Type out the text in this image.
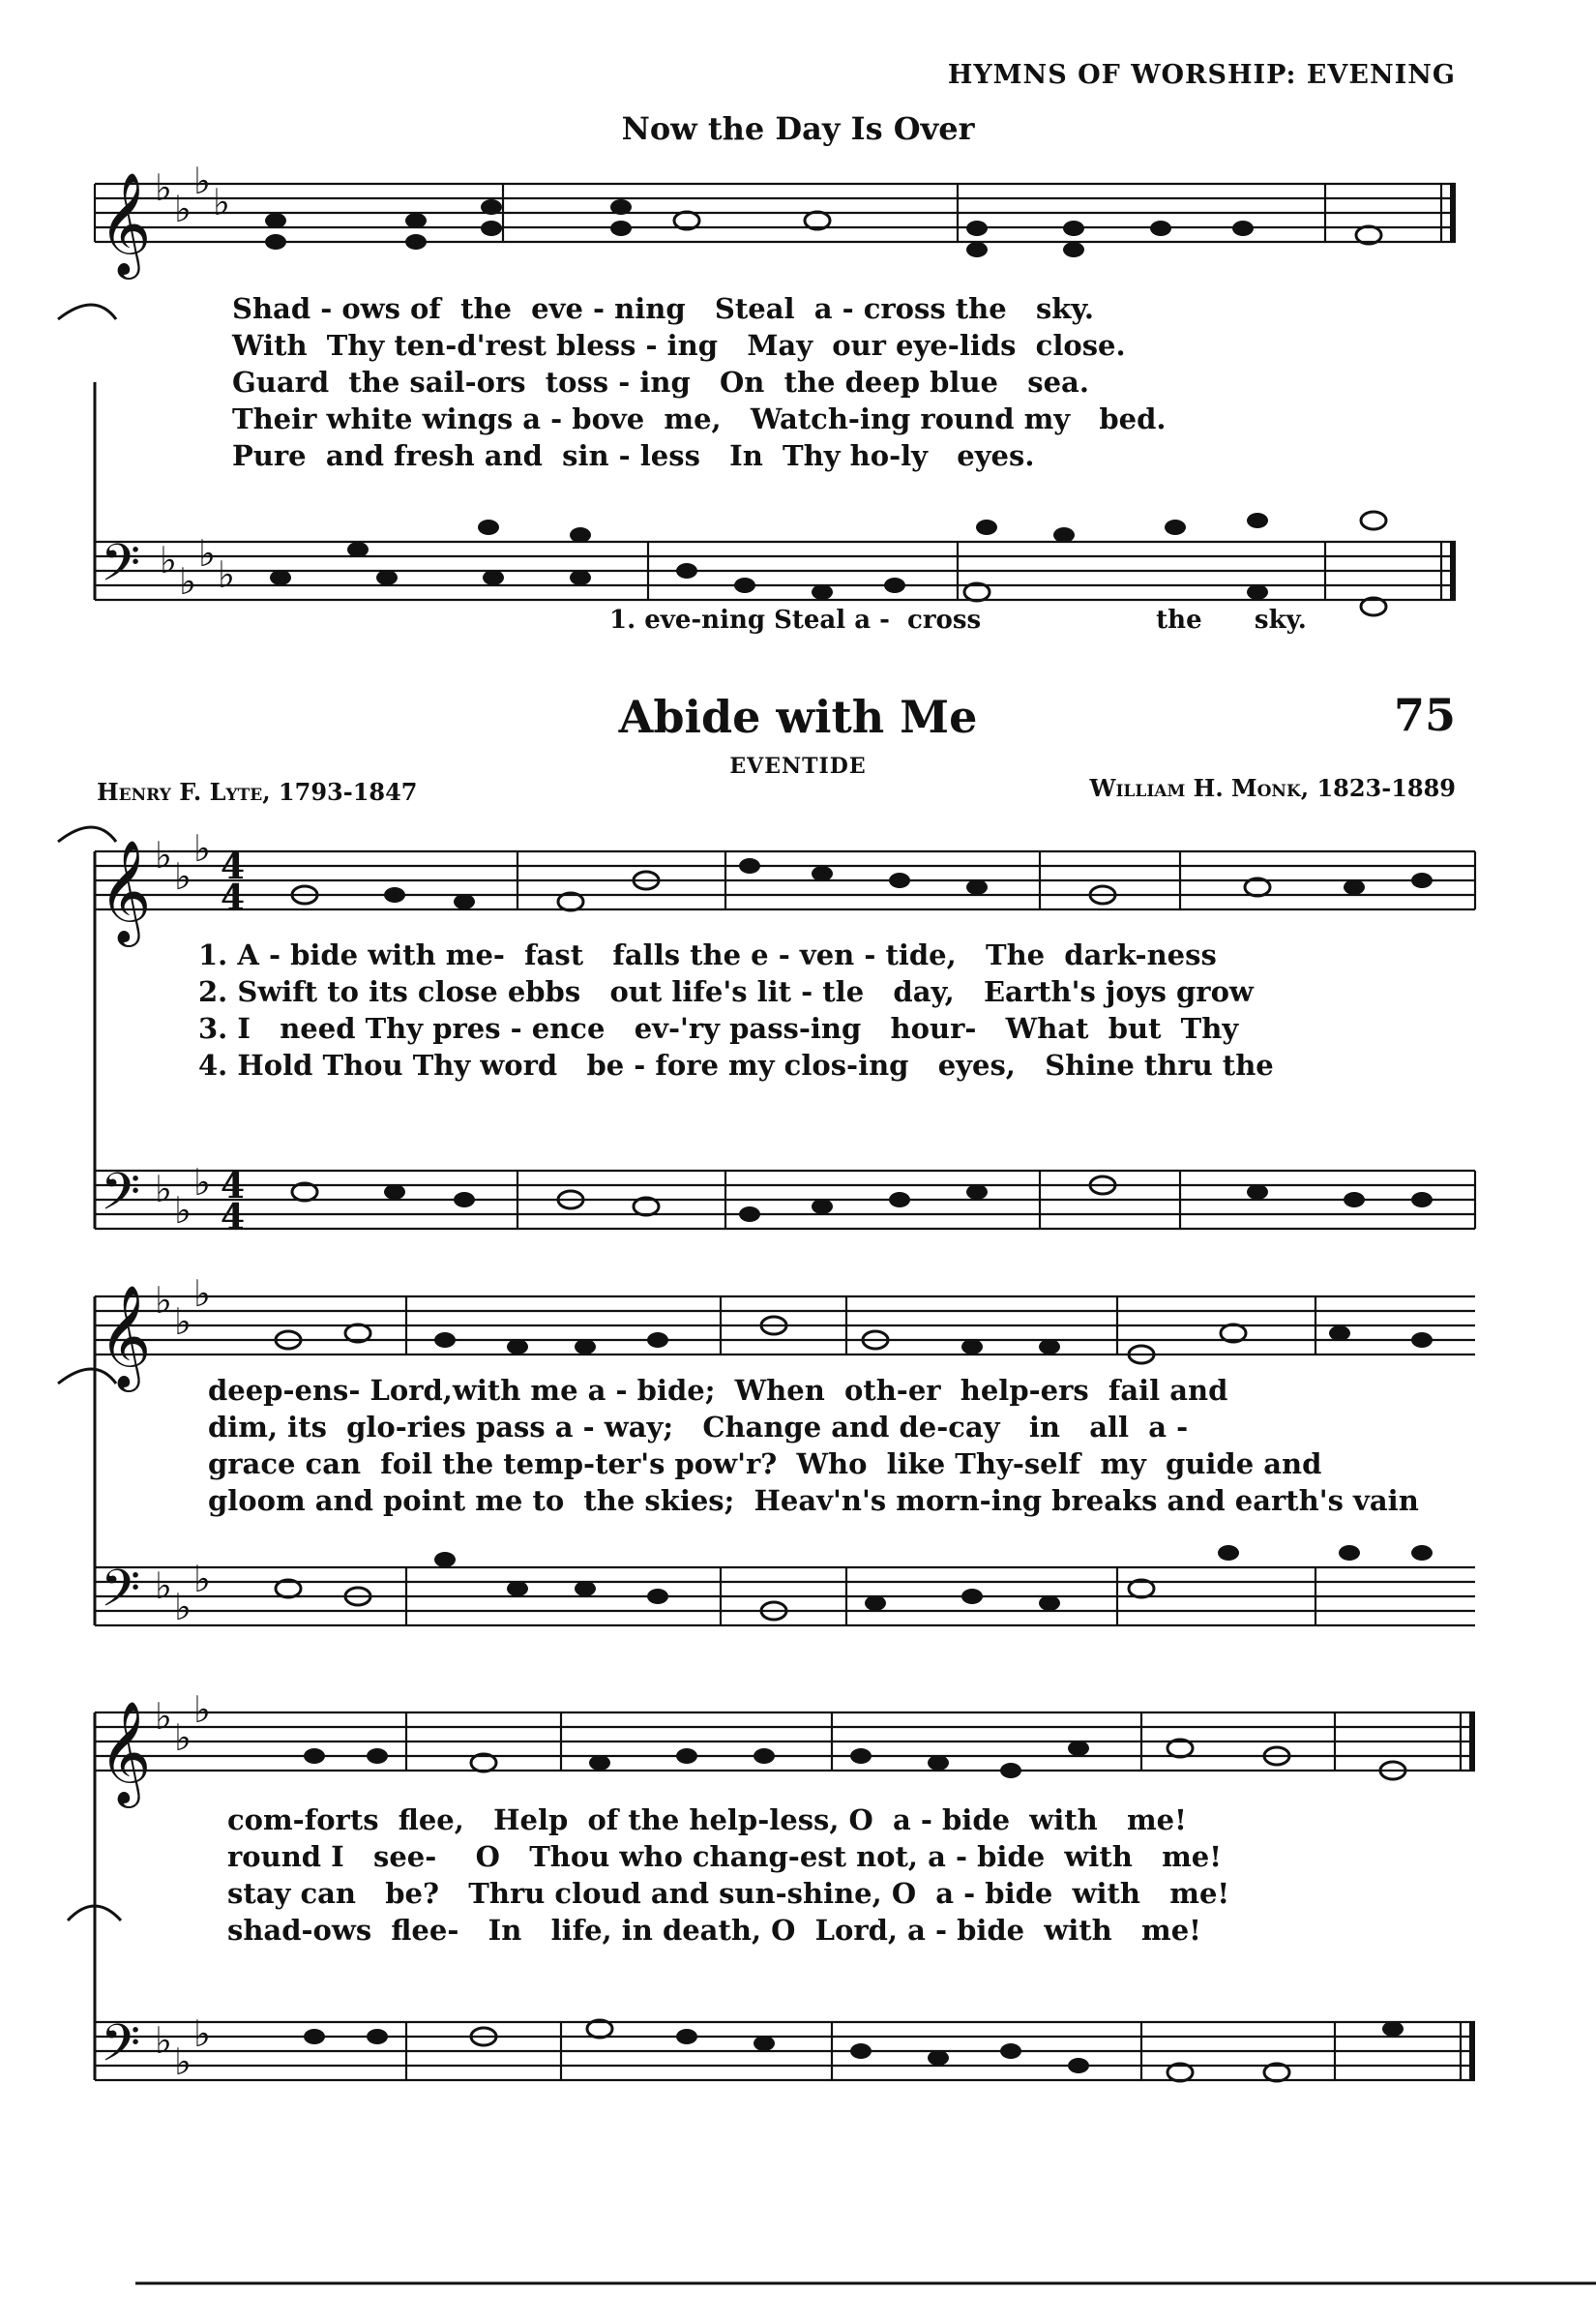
HYMNS OF WORSHIP: EVENING
Now the Day Is Over
Abide with Me	75
EVENTIDE
Henry F. Lyte, 1793-1847	William H. Monk, 1823-1889
𝄞
𝄢
𝄞
𝄢
𝄞
𝄢
𝄞
𝄢
♭ ♭
♭ ♭
♭ ♭
♭ ♭
♭ ♭
♭
♭ ♭
♭
♭ ♭
♭
♭ ♭
♭
♭ ♭
♭
♭ ♭
♭
4
4
4
4
Shad - ows of  the  eve - ning   Steal  a - cross the   sky.
With  Thy ten-d'rest bless - ing   May  our eye-lids  close.
Guard  the sail-ors  toss - ing   On  the deep blue   sea.
Their white wings a - bove  me,   Watch-ing round my   bed.
Pure  and fresh and  sin - less   In  Thy ho-ly   eyes.
1. eve-ning Steal a -  cross                    the      sky.
1. A - bide with me-  fast   falls the e - ven - tide,   The  dark-ness
2. Swift to its close ebbs   out life's lit - tle   day,   Earth's joys grow
3. I   need Thy pres - ence   ev-'ry pass-ing   hour-   What  but  Thy
4. Hold Thou Thy word   be - fore my clos-ing   eyes,   Shine thru the
deep-ens- Lord,with me a - bide;  When  oth-er  help-ers  fail and
dim, its  glo-ries pass a - way;   Change and de-cay   in   all  a -
grace can  foil the temp-ter's pow'r?  Who  like Thy-self  my  guide and
gloom and point me to  the skies;  Heav'n's morn-ing breaks and earth's vain
com-forts  flee,   Help  of the help-less, O  a - bide  with   me!
round I   see-    O   Thou who chang-est not, a - bide  with   me!
stay can   be?   Thru cloud and sun-shine, O  a - bide  with   me!
shad-ows  flee-   In   life, in death, O  Lord, a - bide  with   me!
